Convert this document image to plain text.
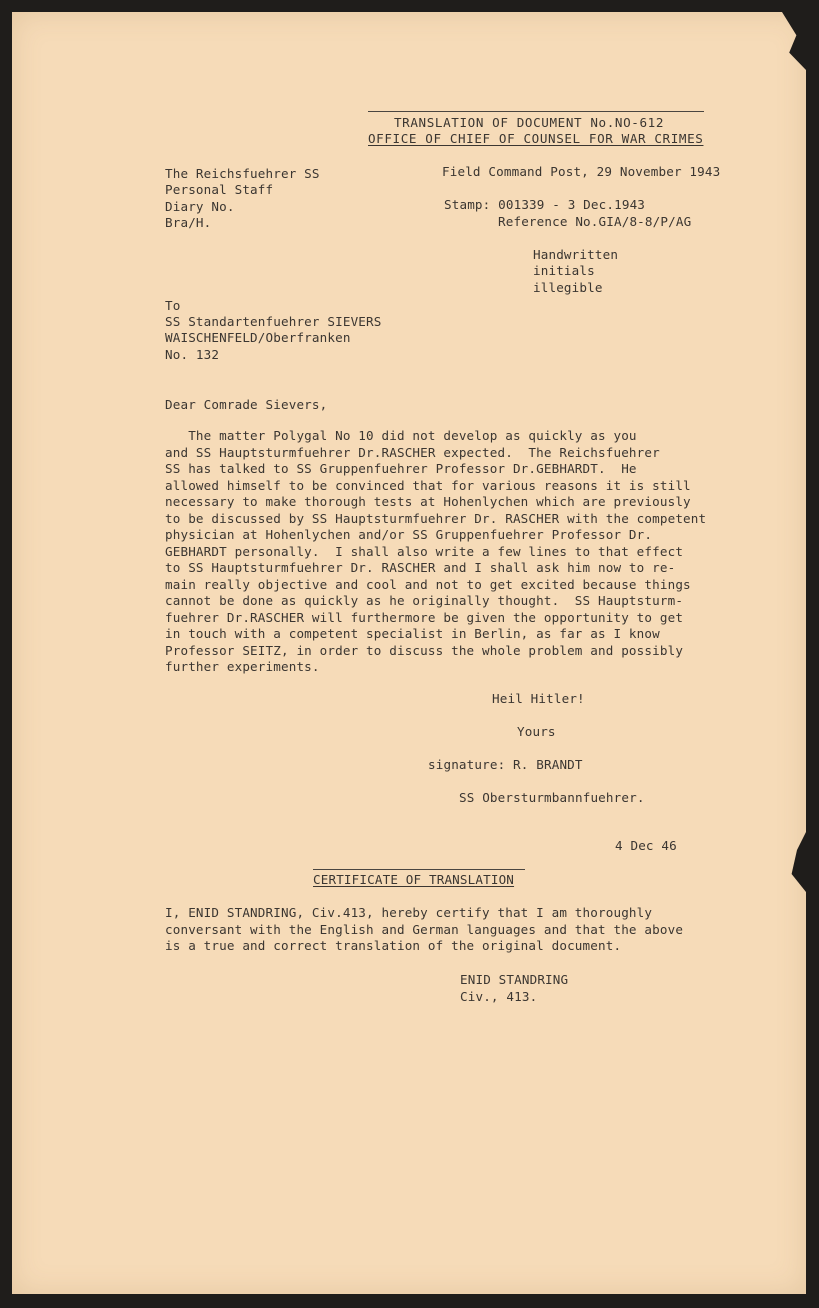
TRANSLATION OF DOCUMENT No.NO-612

OFFICE OF CHIEF OF COUNSEL FOR WAR CRIMES

The Reichsfuehrer SS

Personal Staff

Diary No.

Bra/H.

Field Command Post, 29 November 1943

Stamp: 001339 - 3 Dec.1943

Reference No.GIA/8-8/P/AG

Handwritten

initials

illegible

To

SS Standartenfuehrer SIEVERS

WAISCHENFELD/Oberfranken

No. 132

Dear Comrade Sievers,

The matter Polygal No 10 did not develop as quickly as you

and SS Hauptsturmfuehrer Dr.RASCHER expected.  The Reichsfuehrer

SS has talked to SS Gruppenfuehrer Professor Dr.GEBHARDT.  He

allowed himself to be convinced that for various reasons it is still

necessary to make thorough tests at Hohenlychen which are previously

to be discussed by SS Hauptsturmfuehrer Dr. RASCHER with the competent

physician at Hohenlychen and/or SS Gruppenfuehrer Professor Dr.

GEBHARDT personally.  I shall also write a few lines to that effect

to SS Hauptsturmfuehrer Dr. RASCHER and I shall ask him now to re-

main really objective and cool and not to get excited because things

cannot be done as quickly as he originally thought.  SS Hauptsturm-

fuehrer Dr.RASCHER will furthermore be given the opportunity to get

in touch with a competent specialist in Berlin, as far as I know

Professor SEITZ, in order to discuss the whole problem and possibly

further experiments.

Heil Hitler!

Yours

signature: R. BRANDT

SS Obersturmbannfuehrer.

4 Dec 46

CERTIFICATE OF TRANSLATION

I, ENID STANDRING, Civ.413, hereby certify that I am thoroughly

conversant with the English and German languages and that the above

is a true and correct translation of the original document.

ENID STANDRING

Civ., 413.
